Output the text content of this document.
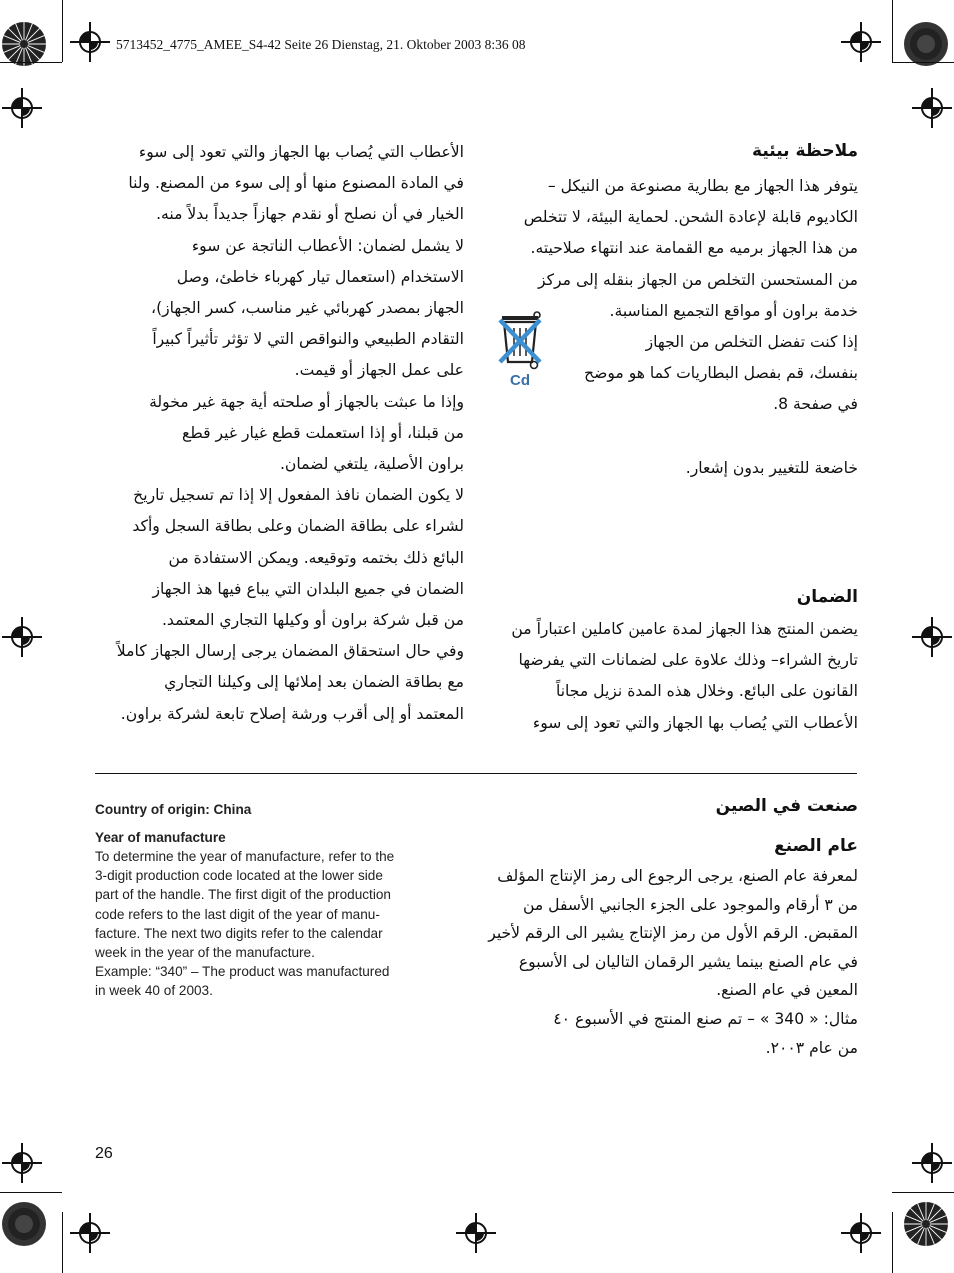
5713452_4775_AMEE_S4-42 Seite 26 Dienstag, 21. Oktober 2003 8:36 08
ملاحظة بيئية
يتوفر هذا الجهاز مع بطارية مصنوعة من النيكل –
الكاديوم قابلة لإعادة الشحن. لحماية البيئة، لا تتخلص
من هذا الجهاز برميه مع القمامة عند انتهاء صلاحيته.
من المستحسن التخلص من الجهاز بنقله إلى مركز
خدمة براون أو مواقع التجميع المناسبة.
إذا كنت تفضل التخلص من الجهاز
بنفسك، قم بفصل البطاريات كما هو موضح
في صفحة 8.
Cd
خاضعة للتغيير بدون إشعار.
الضمان
يضمن المنتج هذا الجهاز لمدة عامين كاملين اعتباراً من
تاريخ الشراء– وذلك علاوة على لضمانات التي يفرضها
القانون على البائع. وخلال هذه المدة نزيل مجاناً
الأعطاب التي يُصاب بها الجهاز والتي تعود إلى سوء
الأعطاب التي يُصاب بها الجهاز والتي تعود إلى سوء
في المادة المصنوع منها أو إلى سوء من المصنع. ولنا
الخيار في أن نصلح أو نقدم جهازاً جديداً بدلاً منه.
لا يشمل لضمان: الأعطاب الناتجة عن سوء
الاستخدام (استعمال تيار كهرباء خاطئ، وصل
الجهاز بمصدر كهربائي غير مناسب، كسر الجهاز)،
التقادم الطبيعي والنواقص التي لا تؤثر تأثيراً كبيراً
على عمل الجهاز أو قيمت.
وإذا ما عبثت بالجهاز أو صلحته أية جهة غير مخولة
من قبلنا، أو إذا استعملت قطع غيار غير قطع
براون الأصلية، يلتغي لضمان.
لا يكون الضمان نافذ المفعول إلا إذا تم تسجيل تاريخ
لشراء على بطاقة الضمان وعلى بطاقة السجل وأكد
البائع ذلك بختمه وتوقيعه. ويمكن الاستفادة من
الضمان في جميع البلدان التي يباع فيها هذ الجهاز
من قبل شركة براون أو وكيلها التجاري المعتمد.
وفي حال استحقاق المضمان يرجى إرسال الجهاز كاملاً
مع بطاقة الضمان بعد إملائها إلى وكيلنا التجاري
المعتمد أو إلى أقرب ورشة إصلاح تابعة لشركة براون.
Country of origin: China
Year of manufacture
To determine the year of manufacture, refer to the
3-digit production code located at the lower side
part of the handle. The first digit of the production
code refers to the last digit of the year of manu-
facture. The next two digits refer to the calendar
week in the year of the manufacture.
Example: “340” – The product was manufactured
in week 40 of 2003.
صنعت في الصين
عام الصنع
لمعرفة عام الصنع، يرجى الرجوع الى رمز الإنتاج المؤلف
من ٣ أرقام والموجود على الجزء الجانبي الأسفل من
المقبض. الرقم الأول من رمز الإنتاج يشير الى الرقم لأخير
في عام الصنع بينما يشير الرقمان التاليان لى الأسبوع
المعين في عام الصنع.
مثال: « 340 » – تم صنع المنتج في الأسبوع ٤٠
من عام ٢٠٠٣.
26
